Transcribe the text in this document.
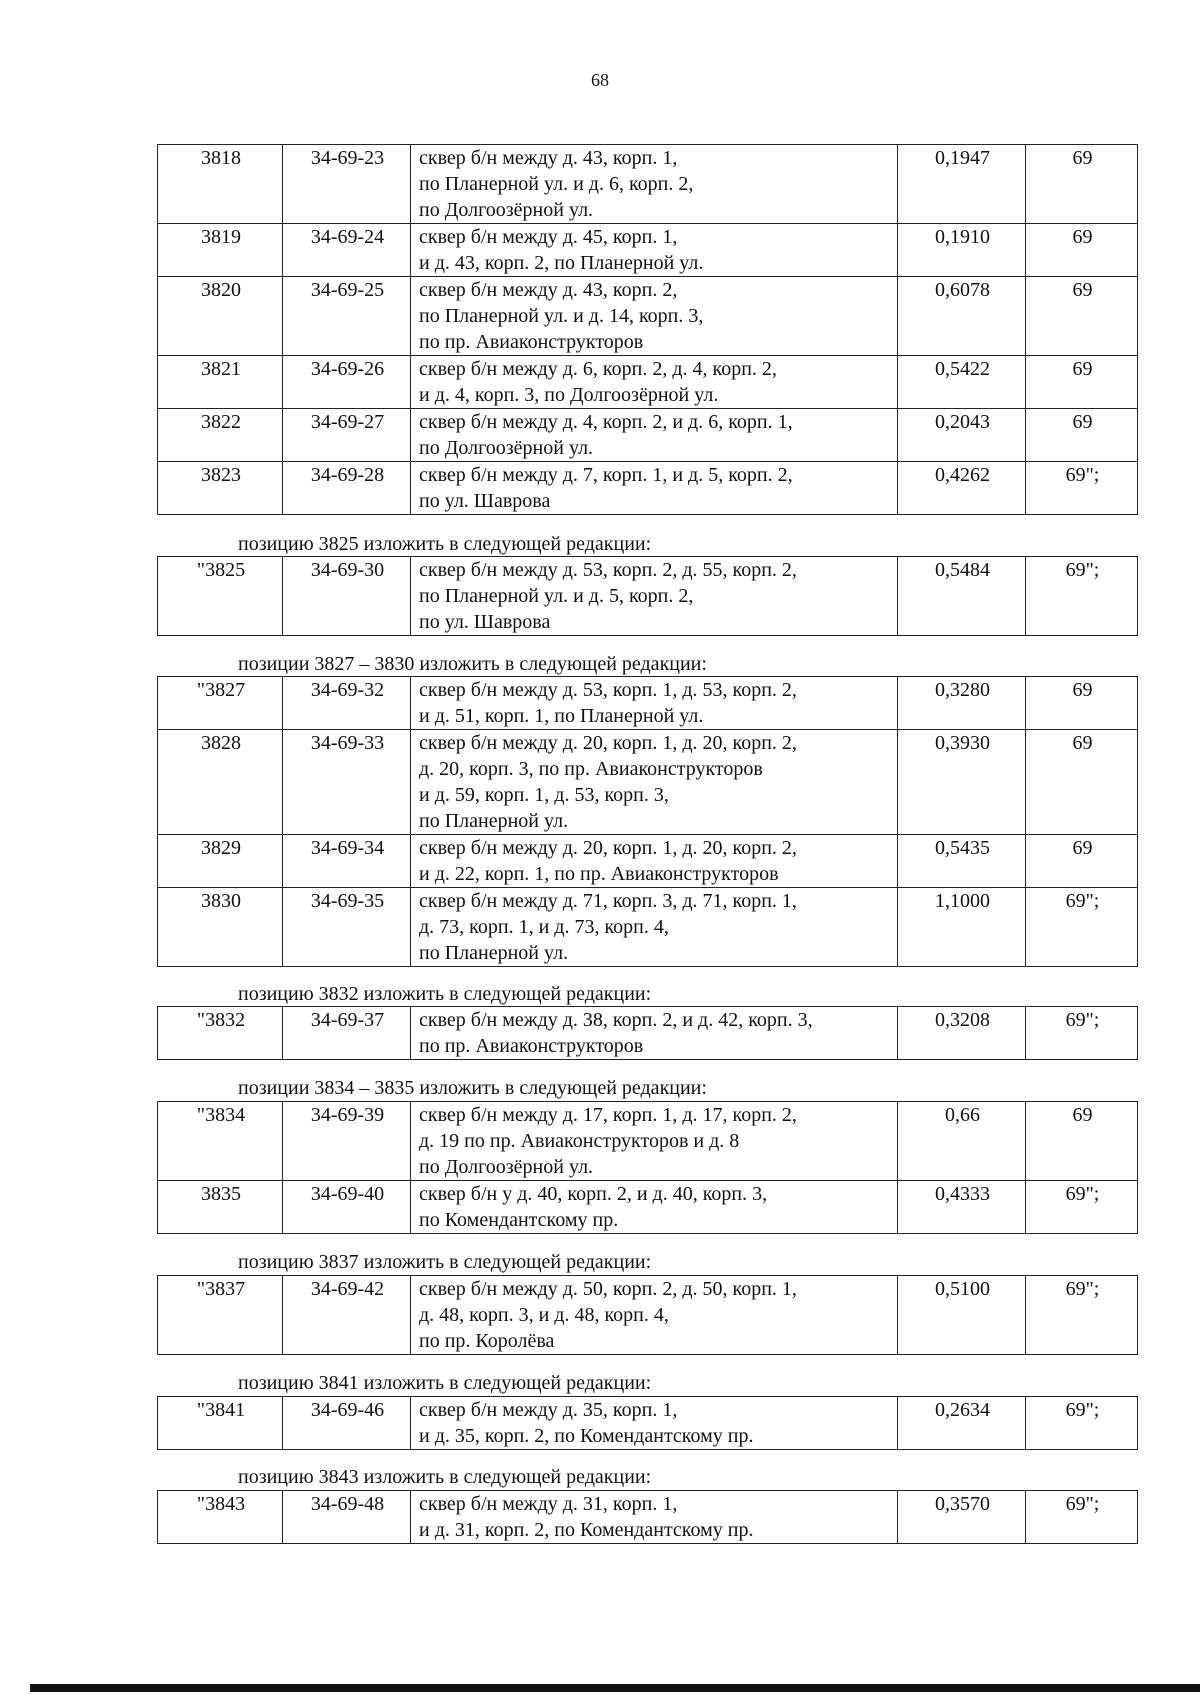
68
3818	34-69-23	сквер б/н между д. 43, корп. 1,
по Планерной ул. и д. 6, корп. 2,
по Долгоозёрной ул.	0,1947	69
3819	34-69-24	сквер б/н между д. 45, корп. 1,
и д. 43, корп. 2, по Планерной ул.	0,1910	69
3820	34-69-25	сквер б/н между д. 43, корп. 2,
по Планерной ул. и д. 14, корп. 3,
по пр. Авиаконструкторов	0,6078	69
3821	34-69-26	сквер б/н между д. 6, корп. 2, д. 4, корп. 2,
и д. 4, корп. 3, по Долгоозёрной ул.	0,5422	69
3822	34-69-27	сквер б/н между д. 4, корп. 2, и д. 6, корп. 1,
по Долгоозёрной ул.	0,2043	69
3823	34-69-28	сквер б/н между д. 7, корп. 1, и д. 5, корп. 2,
по ул. Шаврова	0,4262	69";
позицию 3825 изложить в следующей редакции:
"3825	34-69-30	сквер б/н между д. 53, корп. 2, д. 55, корп. 2,
по Планерной ул. и д. 5, корп. 2,
по ул. Шаврова	0,5484	69";
позиции 3827 – 3830 изложить в следующей редакции:
"3827	34-69-32	сквер б/н между д. 53, корп. 1, д. 53, корп. 2,
и д. 51, корп. 1, по Планерной ул.	0,3280	69
3828	34-69-33	сквер б/н между д. 20, корп. 1, д. 20, корп. 2,
д. 20, корп. 3, по пр. Авиаконструкторов
и д. 59, корп. 1, д. 53, корп. 3,
по Планерной ул.	0,3930	69
3829	34-69-34	сквер б/н между д. 20, корп. 1, д. 20, корп. 2,
и д. 22, корп. 1, по пр. Авиаконструкторов	0,5435	69
3830	34-69-35	сквер б/н между д. 71, корп. 3, д. 71, корп. 1,
д. 73, корп. 1, и д. 73, корп. 4,
по Планерной ул.	1,1000	69";
позицию 3832 изложить в следующей редакции:
"3832	34-69-37	сквер б/н между д. 38, корп. 2, и д. 42, корп. 3,
по пр. Авиаконструкторов	0,3208	69";
позиции 3834 – 3835 изложить в следующей редакции:
"3834	34-69-39	сквер б/н между д. 17, корп. 1, д. 17, корп. 2,
д. 19 по пр. Авиаконструкторов и д. 8
по Долгоозёрной ул.	0,66	69
3835	34-69-40	сквер б/н у д. 40, корп. 2, и д. 40, корп. 3,
по Комендантскому пр.	0,4333	69";
позицию 3837 изложить в следующей редакции:
"3837	34-69-42	сквер б/н между д. 50, корп. 2, д. 50, корп. 1,
д. 48, корп. 3, и д. 48, корп. 4,
по пр. Королёва	0,5100	69";
позицию 3841 изложить в следующей редакции:
"3841	34-69-46	сквер б/н между д. 35, корп. 1,
и д. 35, корп. 2, по Комендантскому пр.	0,2634	69";
позицию 3843 изложить в следующей редакции:
"3843	34-69-48	сквер б/н между д. 31, корп. 1,
и д. 31, корп. 2, по Комендантскому пр.	0,3570	69";
